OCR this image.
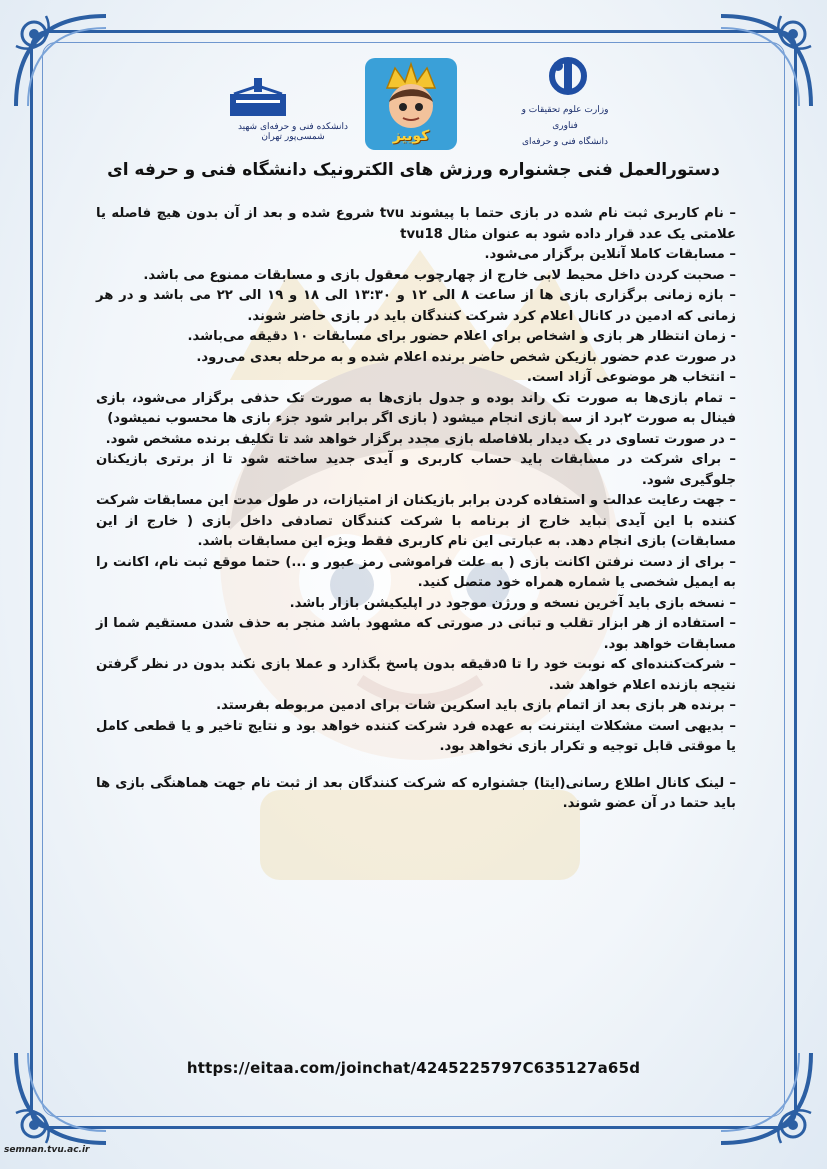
دانشکده فنی و حرفه‌ای شهید شمسی‌پور تهران	کوییز
وزارت علوم تحقیقات و فناوری
دانشگاه فنی و حرفه‌ای
دستورالعمل فنی جشنواره ورزش های الکترونیک دانشگاه فنی و حرفه ای

– نام کاربری ثبت نام شده در بازی حتما با پیشوند tvu شروع شده و بعد از آن بدون هیچ فاصله یا علامتی یک عدد قرار داده شود به عنوان مثال tvu18

– مسابقات کاملا آنلاین برگزار می‌شود.

– صحبت کردن داخل محیط لابی خارج از چهارچوب معقول بازی و مسابقات ممنوع می باشد.

– بازه زمانی برگزاری بازی ها از ساعت ۸ الی ۱۲ و ۱۳:۳۰ الی ۱۸ و ۱۹ الی ۲۲ می باشد و در هر زمانی که ادمین در کانال اعلام کرد شرکت کنندگان باید در بازی حاضر شوند.

- زمان انتظار هر بازی و اشخاص برای اعلام حضور برای مسابقات ۱۰ دقیقه می‌باشد.

در صورت عدم حضور بازیکن شخص حاضر برنده اعلام شده و به مرحله بعدی می‌رود.

– انتخاب هر موضوعی آزاد است.

– تمام بازی‌ها به صورت تک راند بوده و جدول بازی‌ها به صورت تک حذفی برگزار می‌شود، بازی فینال به صورت ۲برد از سه بازی انجام میشود ( بازی اگر برابر شود جزء بازی ها محسوب نمیشود)

– در صورت تساوی در یک دیدار بلافاصله بازی مجدد برگزار خواهد شد تا تکلیف برنده مشخص شود.

– برای شرکت در مسابقات باید حساب کاربری و آیدی جدید ساخته شود تا از برتری بازیکنان جلوگیری شود.

– جهت رعایت عدالت و استفاده کردن برابر بازیکنان از امتیازات، در طول مدت این مسابقات شرکت کننده با این آیدی نباید خارج از برنامه با شرکت کنندگان تصادفی داخل بازی ( خارج از این مسابقات) بازی انجام دهد. به عبارتی این نام کاربری فقط ویژه این مسابقات باشد.

– برای از دست نرفتن اکانت بازی ( به علت فراموشی رمز عبور و ...) حتما موقع ثبت نام، اکانت را به ایمیل شخصی یا شماره همراه خود متصل کنید.

– نسخه بازی باید آخرین نسخه و ورژن موجود در اپلیکیشن بازار باشد.

– استفاده از هر ابزار تقلب و تبانی در صورتی که مشهود باشد منجر به حذف شدن مستقیم شما از مسابقات خواهد بود.

– شرکت‌کننده‌ای که نوبت خود را تا ۵دقیقه بدون پاسخ بگذارد و عملا بازی نکند بدون در نظر گرفتن نتیجه بازنده اعلام خواهد شد.

– برنده هر بازی بعد از اتمام بازی باید اسکرین شات برای ادمین مربوطه بفرستد.

– بدیهی است مشکلات اینترنت به عهده فرد شرکت کننده خواهد بود و نتایج تاخیر و یا قطعی کامل یا موقتی قابل توجیه و تکرار بازی نخواهد بود.

– لینک کانال اطلاع رسانی(ایتا) جشنواره که شرکت کنندگان بعد از ثبت نام جهت هماهنگی بازی ها باید حتما در آن عضو شوند.

https://eitaa.com/joinchat/4245225797C635127a65d
semnan.tvu.ac.ir
